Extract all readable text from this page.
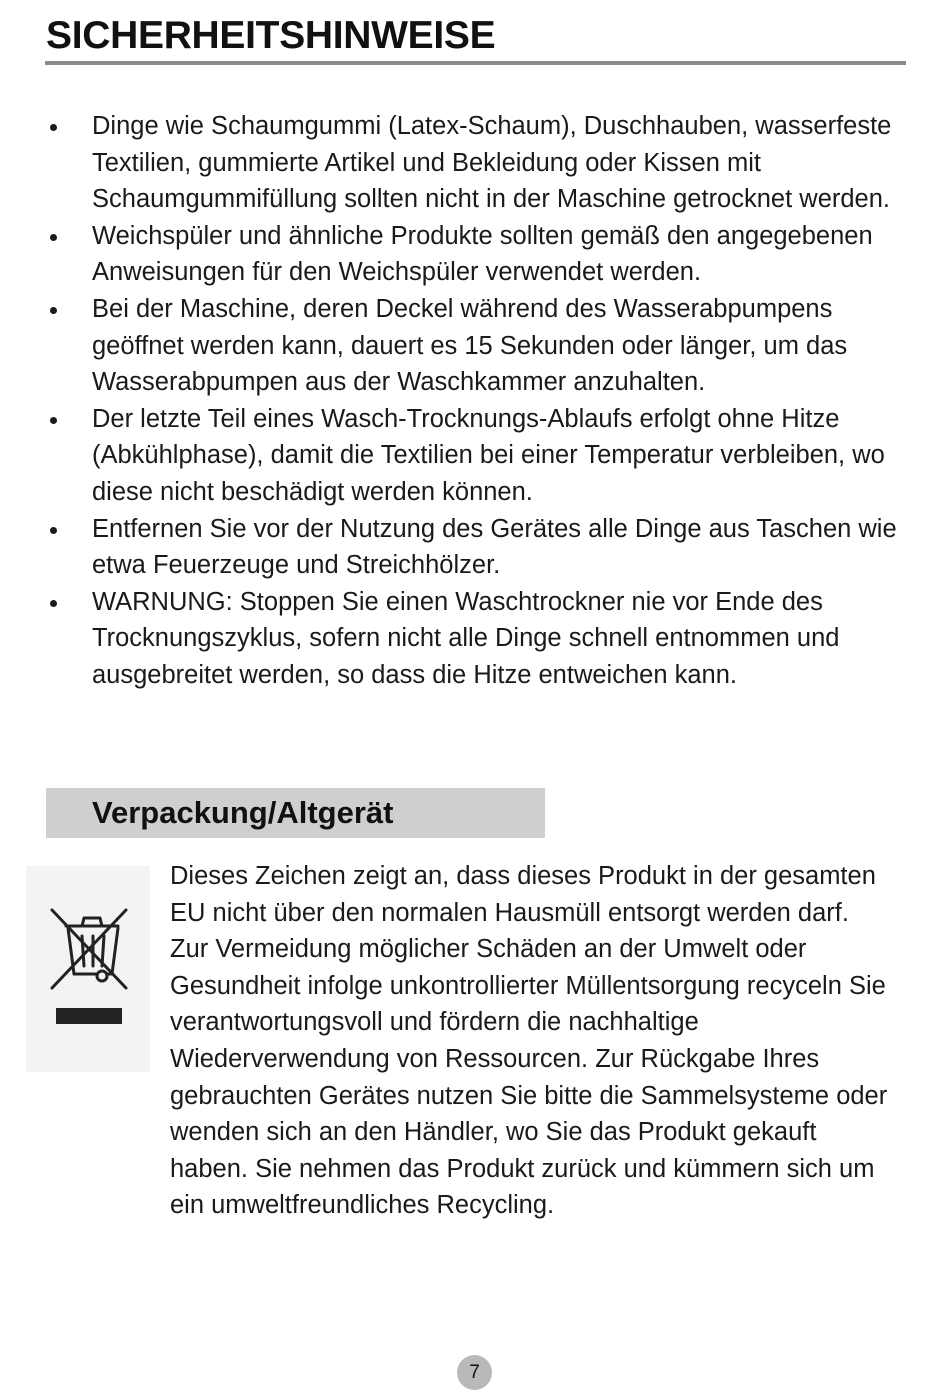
SICHERHEITSHINWEISE
Dinge wie Schaumgummi (Latex-Schaum), Duschhauben, wasserfeste Textilien, gummierte Artikel und Bekleidung oder Kissen mit Schaumgummifüllung sollten nicht in der Maschine getrocknet werden.
Weichspüler und ähnliche Produkte sollten gemäß den angegebenen Anweisungen für den Weichspüler verwendet werden.
Bei der Maschine, deren Deckel während des Wasserabpumpens geöffnet werden kann, dauert es 15 Sekunden oder länger, um das Wasserabpumpen aus der Waschkammer anzuhalten.
Der letzte Teil eines Wasch-Trocknungs-Ablaufs erfolgt ohne Hitze (Abkühlphase), damit die Textilien bei einer Temperatur verbleiben, wo diese nicht beschädigt werden können.
Entfernen Sie vor der Nutzung des Gerätes alle Dinge aus Taschen wie etwa Feuerzeuge und Streichhölzer.
WARNUNG: Stoppen Sie einen Waschtrockner nie vor Ende des Trocknungszyklus, sofern nicht alle Dinge schnell entnommen und ausgebreitet werden, so dass die Hitze entweichen kann.
Verpackung/Altgerät

Dieses Zeichen zeigt an, dass dieses Produkt in der gesamten EU nicht über den normalen Hausmüll entsorgt werden darf. Zur Vermeidung möglicher Schäden an der Umwelt oder Gesundheit infolge unkontrollierter Müllentsorgung recyceln Sie verantwortungsvoll und fördern die nachhaltige Wiederverwendung von Ressourcen. Zur Rückgabe Ihres gebrauchten Gerätes nutzen Sie bitte die Sammelsysteme oder wenden sich an den Händler, wo Sie das Produkt gekauft haben. Sie nehmen das Produkt zurück und kümmern sich um ein umweltfreundliches Recycling.

7
